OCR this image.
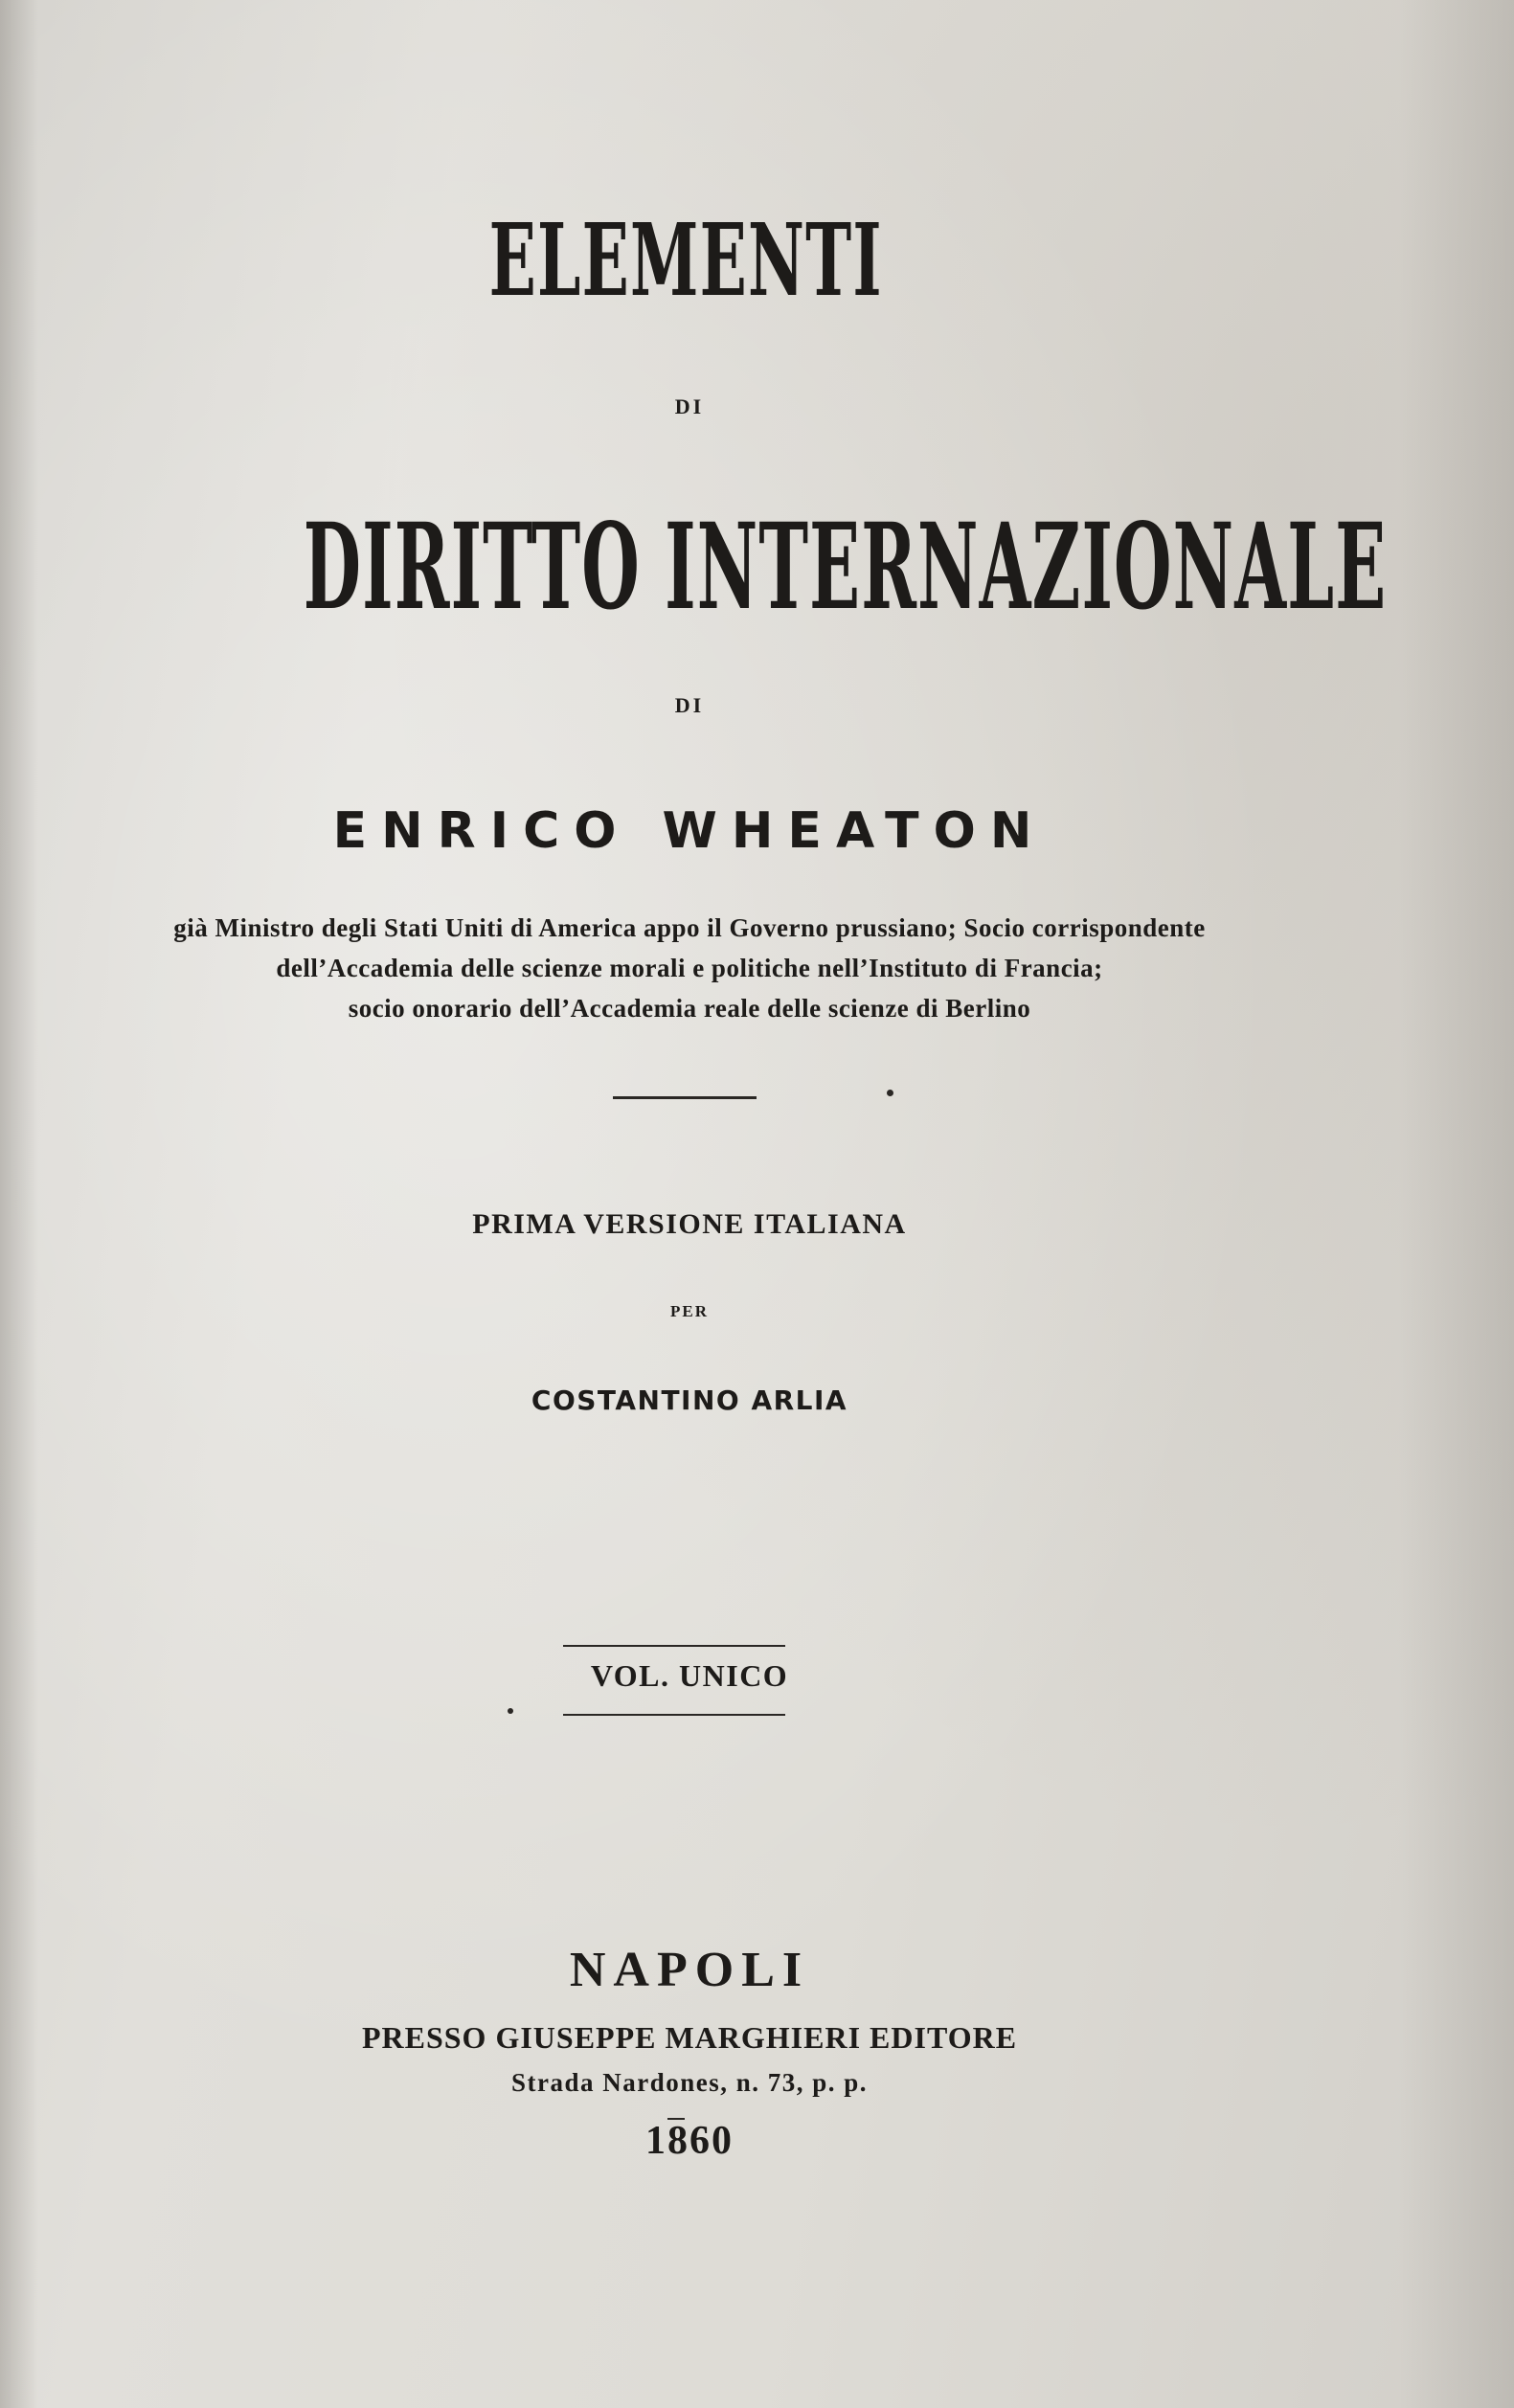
ELEMENTI
DI
DIRITTO INTERNAZIONALE
DI
ENRICO WHEATON
già Ministro degli Stati Uniti di America appo il Governo prussiano; Socio corrispondente
dell’Accademia delle scienze morali e politiche nell’Instituto di Francia;
socio onorario dell’Accademia reale delle scienze di Berlino
PRIMA VERSIONE ITALIANA
PER
COSTANTINO ARLIA
VOL. UNICO
NAPOLI
PRESSO GIUSEPPE MARGHIERI EDITORE
Strada Nardones, n. 73, p. p.
1860
